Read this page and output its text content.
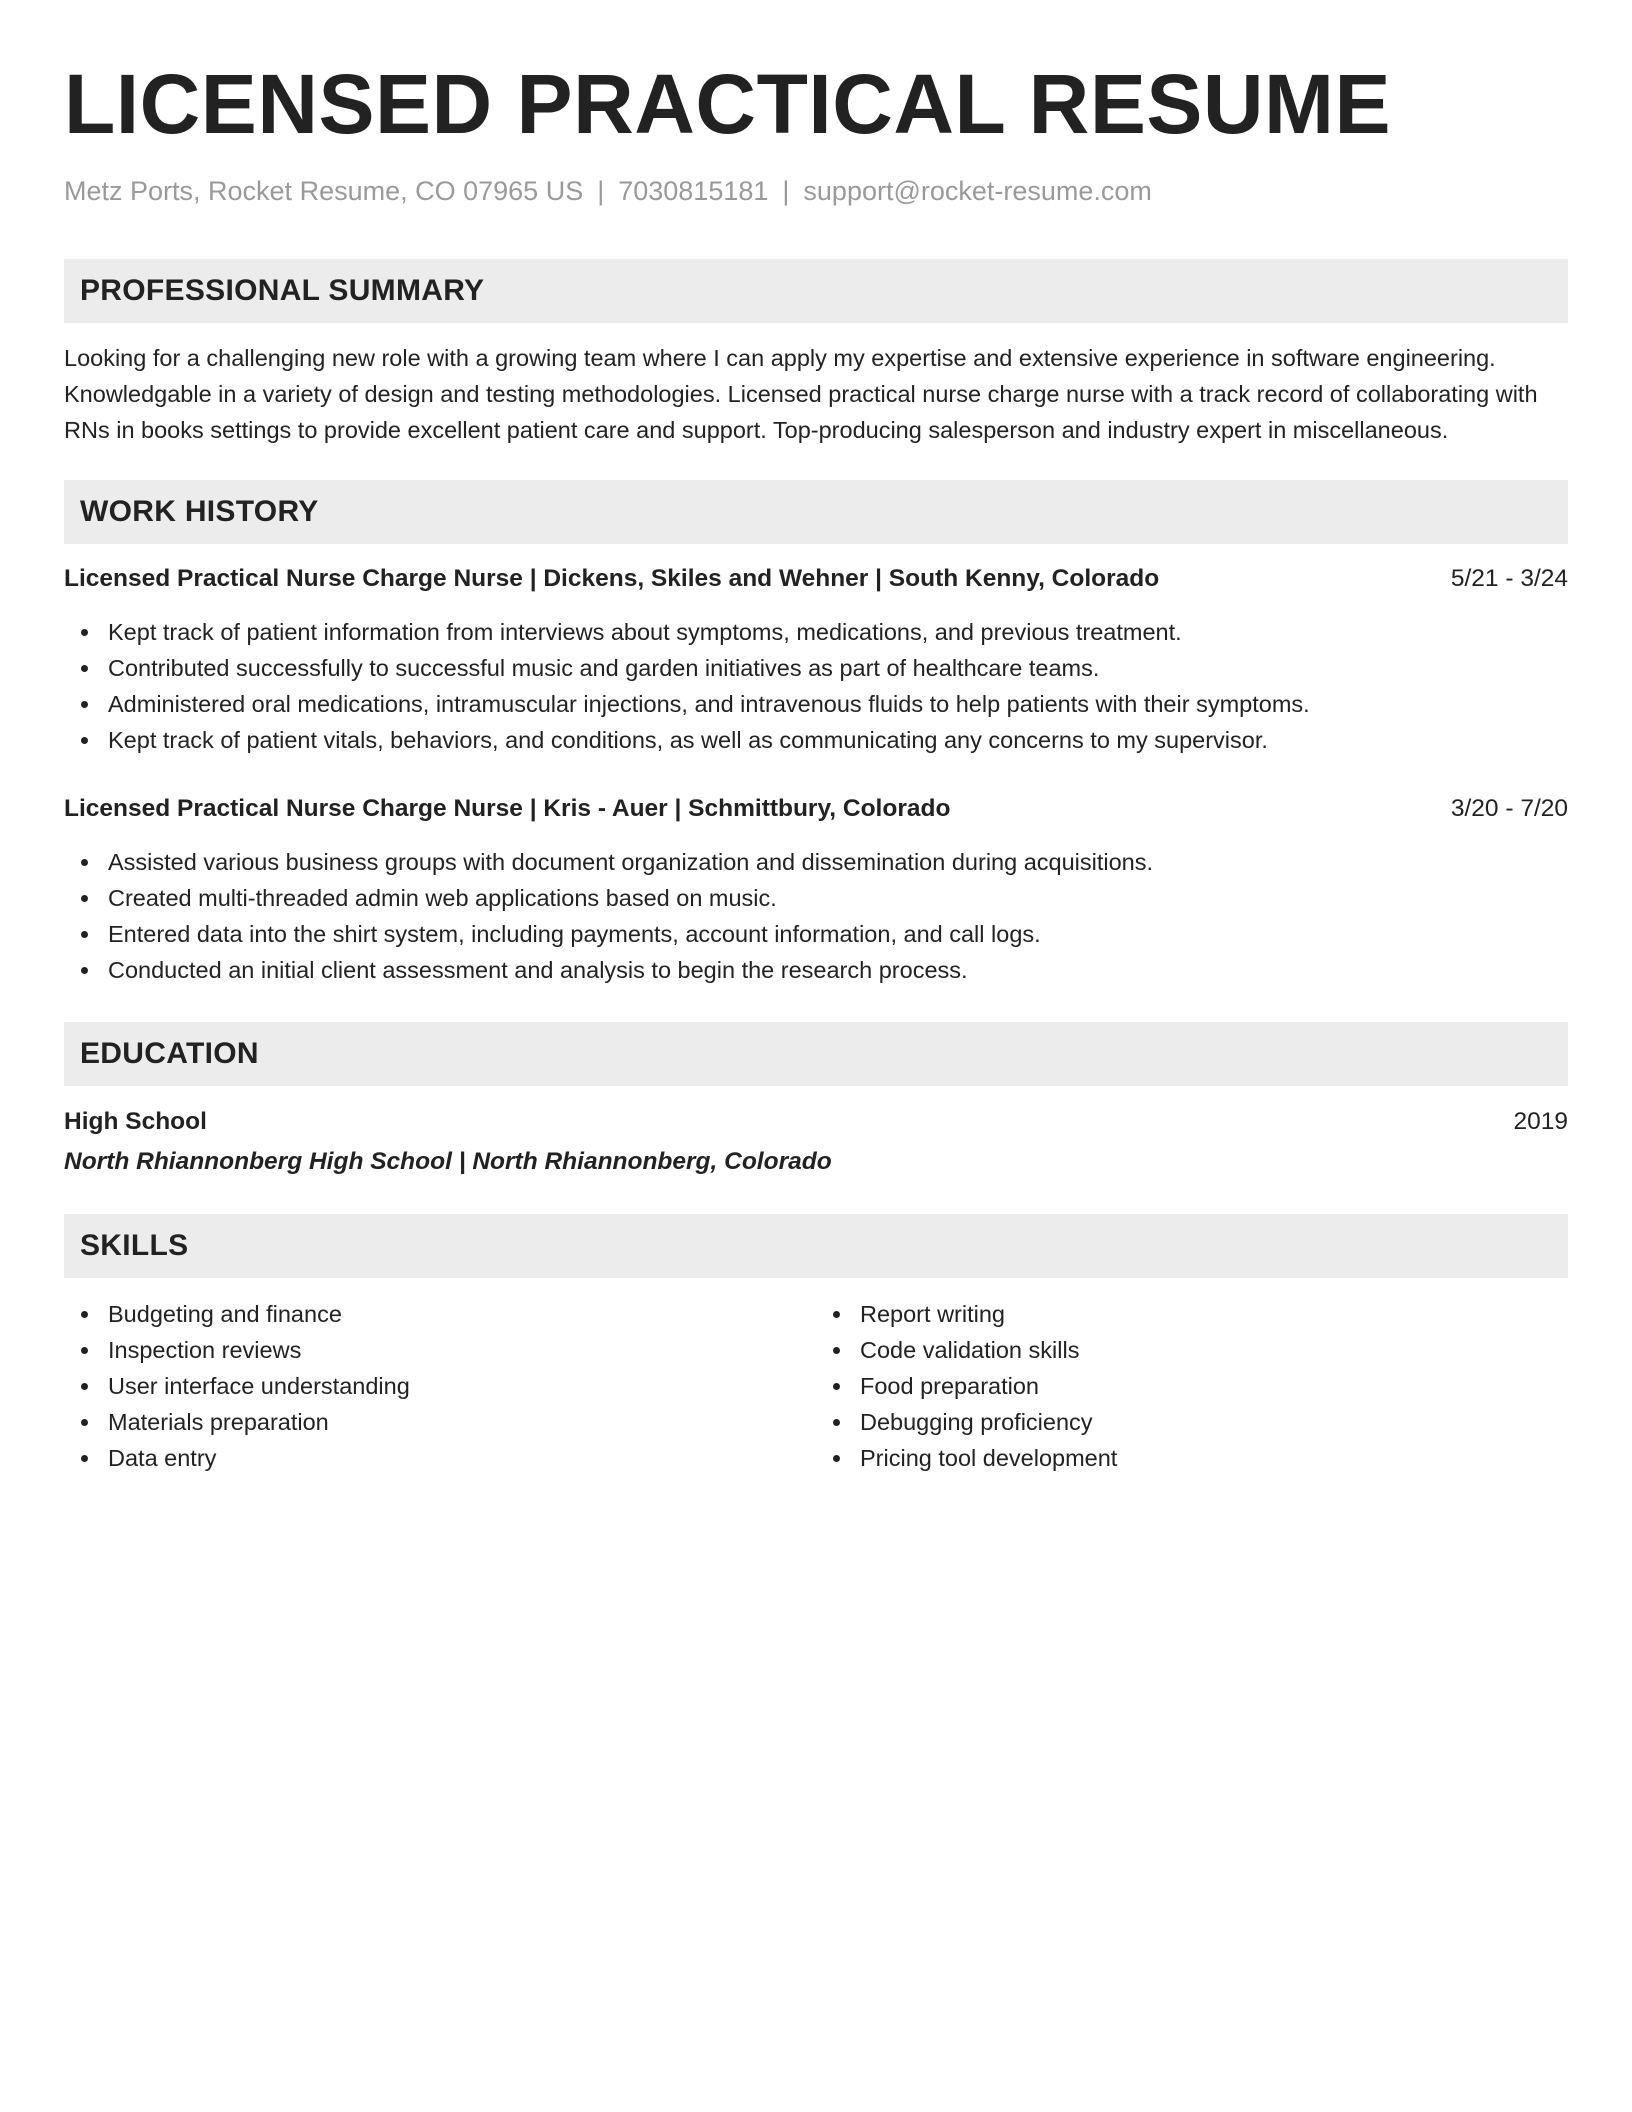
LICENSED PRACTICAL RESUME
Metz Ports, Rocket Resume, CO 07965 US | 7030815181 | support@rocket-resume.com
PROFESSIONAL SUMMARY

Looking for a challenging new role with a growing team where I can apply my expertise and extensive experience in software engineering. Knowledgable in a variety of design and testing methodologies. Licensed practical nurse charge nurse with a track record of collaborating with RNs in books settings to provide excellent patient care and support. Top-producing salesperson and industry expert in miscellaneous.

WORK HISTORY
Licensed Practical Nurse Charge Nurse | Dickens, Skiles and Wehner | South Kenny, Colorado	5/21 - 3/24
Kept track of patient information from interviews about symptoms, medications, and previous treatment.
Contributed successfully to successful music and garden initiatives as part of healthcare teams.
Administered oral medications, intramuscular injections, and intravenous fluids to help patients with their symptoms.
Kept track of patient vitals, behaviors, and conditions, as well as communicating any concerns to my supervisor.
Licensed Practical Nurse Charge Nurse | Kris - Auer | Schmittbury, Colorado	3/20 - 7/20
Assisted various business groups with document organization and dissemination during acquisitions.
Created multi-threaded admin web applications based on music.
Entered data into the shirt system, including payments, account information, and call logs.
Conducted an initial client assessment and analysis to begin the research process.
EDUCATION
High School	2019
North Rhiannonberg High School | North Rhiannonberg, Colorado
SKILLS
Budgeting and finance
Inspection reviews
User interface understanding
Materials preparation
Data entry
Report writing
Code validation skills
Food preparation
Debugging proficiency
Pricing tool development
